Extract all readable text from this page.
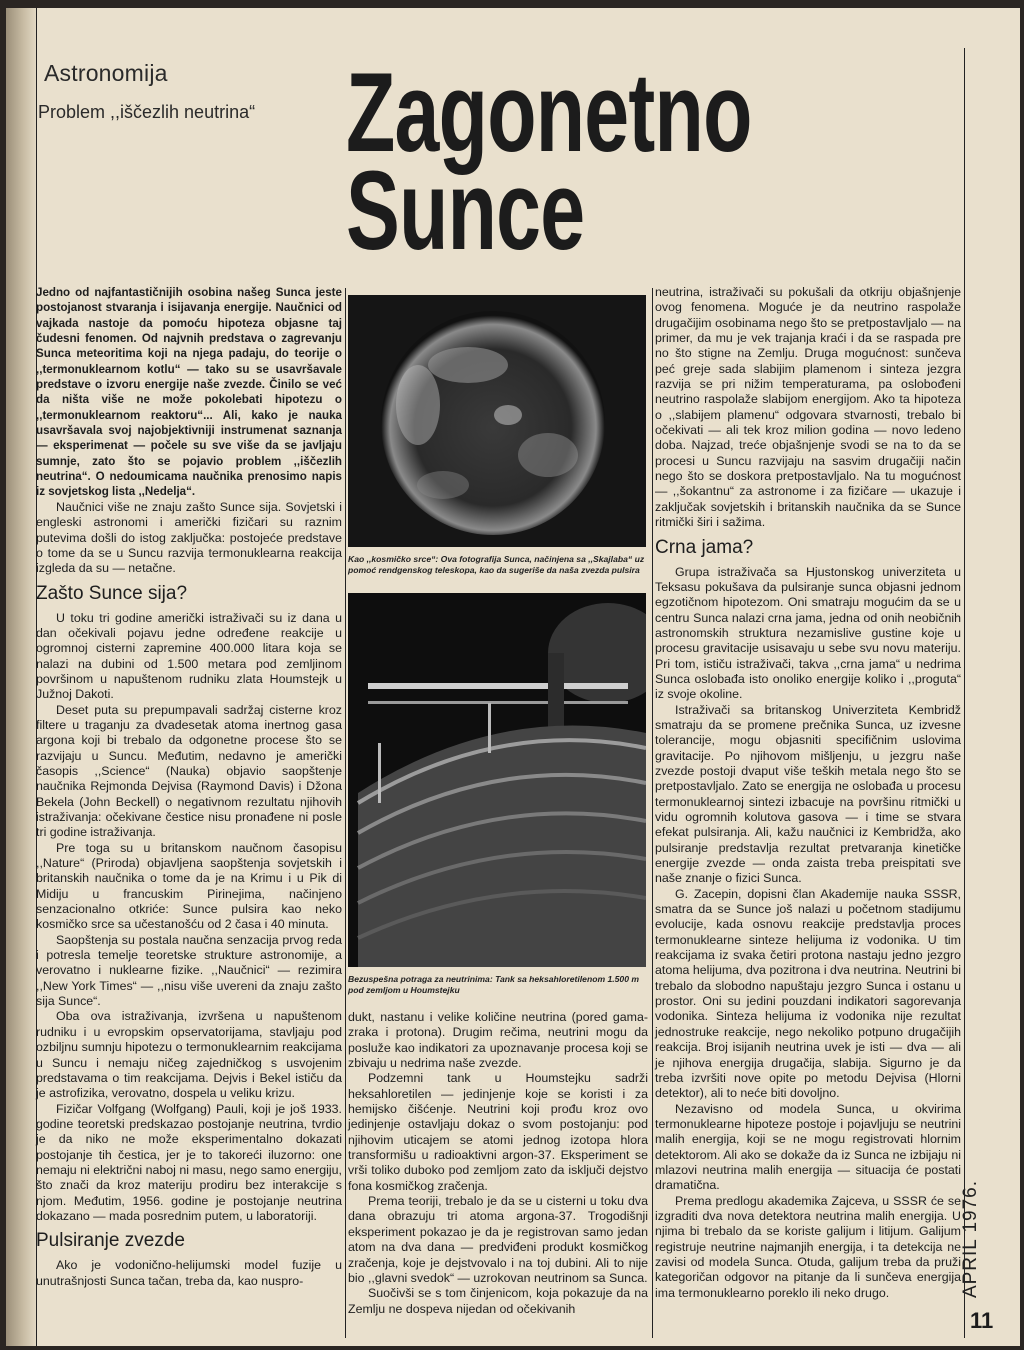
Astronomija
Problem ,,iščezlih neutrina“ Zagonetno
Sunce

Jedno od najfantastičnijih osobina našeg Sunca jeste postojanost stvaranja i isijavanja energije. Naučnici od vajkada nastoje da pomoću hipoteza objasne taj čudesni fenomen. Od najvnih predstava o zagrevanju Sunca meteoritima koji na njega padaju, do teorije o ,,termonuklearnom kotlu“ — tako su se usavršavale predstave o izvoru energije naše zvezde. Činilo se već da ništa više ne može pokolebati hipotezu o ,,termonuklearnom reaktoru“... Ali, kako je nauka usavršavala svoj najobjektivniji instrumenat saznanja — eksperimenat — počele su sve više da se javljaju sumnje, zato što se pojavio problem ,,iščezlih neutrina“. O nedoumicama naučnika prenosimo napis iz sovjetskog lista ,,Nedelja“.

Naučnici više ne znaju zašto Sunce sija. Sovjetski i engleski astronomi i američki fizičari su raznim putevima došli do istog zaključka: postojeće predstave o tome da se u Suncu razvija termonuklearna reakcija izgleda da su — netačne.

Zašto Sunce sija?

U toku tri godine američki istraživači su iz dana u dan očekivali pojavu jedne određene reakcije u ogromnoj cisterni zapremine 400.000 litara koja se nalazi na dubini od 1.500 metara pod zemljinom površinom u napuštenom rudniku zlata Houmstejk u Južnoj Dakoti.

Deset puta su prepumpavali sadržaj cisterne kroz filtere u traganju za dvadesetak atoma inertnog gasa argona koji bi trebalo da odgonetne procese što se razvijaju u Suncu. Međutim, nedavno je američki časopis ,,Science“ (Nauka) objavio saopštenje naučnika Rejmonda Dejvisa (Raymond Davis) i Džona Bekela (John Beckell) o negativnom rezultatu njihovih istraživanja: očekivane čestice nisu pronađene ni posle tri godine istraživanja.

Pre toga su u britanskom naučnom časopisu ,,Nature“ (Priroda) objavljena saopštenja sovjetskih i britanskih naučnika o tome da je na Krimu i u Pik di Midiju u francuskim Pirinejima, načinjeno senzacionalno otkriće: Sunce pulsira kao neko kosmičko srce sa učestanošću od 2 časa i 40 minuta.

Saopštenja su postala naučna senzacija prvog reda i potresla temelje teoretske strukture astronomije, a verovatno i nuklearne fizike. ,,Naučnici“ — rezimira ,,New York Times“ — ,,nisu više uvereni da znaju zašto sija Sunce“.

Oba ova istraživanja, izvršena u napuštenom rudniku i u evropskim opservatorijama, stavljaju pod ozbiljnu sumnju hipotezu o termonuklearnim reakcijama u Suncu i nemaju ničeg zajedničkog s usvojenim predstavama o tim reakcijama. Dejvis i Bekel ističu da je astrofizika, verovatno, dospela u veliku krizu.

Fizičar Volfgang (Wolfgang) Pauli, koji je još 1933. godine teoretski predskazao postojanje neutrina, tvrdio je da niko ne može eksperimentalno dokazati postojanje tih čestica, jer je to takoreći iluzorno: one nemaju ni električni naboj ni masu, nego samo energiju, što znači da kroz materiju prodiru bez interakcije s njom. Međutim, 1956. godine je postojanje neutrina dokazano — mada posrednim putem, u laboratoriji.

Pulsiranje zvezde

Ako je vodonično-helijumski model fuzije u unutrašnjosti Sunca tačan, treba da, kao nuspro-

Kao ,,kosmičko srce“: Ova fotografija Sunca, načinjena sa ,,Skajlaba“ uz pomoć rendgenskog teleskopa, kao da sugeriše da naša zvezda pulsira
Bezuspešna potraga za neutrinima: Tank sa heksahloretilenom 1.500 m pod zemljom u Houmstejku

dukt, nastanu i velike količine neutrina (pored gama-zraka i protona). Drugim rečima, neutrini mogu da posluže kao indikatori za upoznavanje procesa koji se zbivaju u nedrima naše zvezde.

Podzemni tank u Houmstejku sadrži heksahloretilen — jedinjenje koje se koristi i za hemijsko čišćenje. Neutrini koji prođu kroz ovo jedinjenje ostavljaju dokaz o svom postojanju: pod njihovim uticajem se atomi jednog izotopa hlora transformišu u radioaktivni argon-37. Eksperiment se vrši toliko duboko pod zemljom zato da isključi dejstvo fona kosmičkog zračenja.

Prema teoriji, trebalo je da se u cisterni u toku dva dana obrazuju tri atoma argona-37. Trogodišnji eksperiment pokazao je da je registrovan samo jedan atom na dva dana — predviđeni produkt kosmičkog zračenja, koje je dejstvovalo i na toj dubini. Ali to nije bio ,,glavni svedok“ — uzrokovan neutrinom sa Sunca.

Suočivši se s tom činjenicom, koja pokazuje da na Zemlju ne dospeva nijedan od očekivanih

neutrina, istraživači su pokušali da otkriju objašnjenje ovog fenomena. Moguće je da neutrino raspolaže drugačijim osobinama nego što se pretpostavljalo — na primer, da mu je vek trajanja kraći i da se raspada pre no što stigne na Zemlju. Druga mogućnost: sunčeva peć greje sada slabijim plamenom i sinteza jezgra razvija se pri nižim temperaturama, pa oslobođeni neutrino raspolaže slabijom energijom. Ako ta hipoteza o ,,slabijem plamenu“ odgovara stvarnosti, trebalo bi očekivati — ali tek kroz milion godina — novo ledeno doba. Najzad, treće objašnjenje svodi se na to da se procesi u Suncu razvijaju na sasvim drugačiji način nego što se doskora pretpostavljalo. Na tu mogućnost — ,,šokantnu“ za astronome i za fizičare — ukazuje i zaključak sovjetskih i britanskih naučnika da se Sunce ritmički širi i sažima.

Crna jama?

Grupa istraživača sa Hjustonskog univerziteta u Teksasu pokušava da pulsiranje sunca objasni jednom egzotičnom hipotezom. Oni smatraju mogućim da se u centru Sunca nalazi crna jama, jedna od onih neobičnih astronomskih struktura nezamislive gustine koje u procesu gravitacije usisavaju u sebe svu novu materiju. Pri tom, ističu istraživači, takva ,,crna jama“ u nedrima Sunca oslobađa isto onoliko energije koliko i ,,proguta“ iz svoje okoline.

Istraživači sa britanskog Univerziteta Kembridž smatraju da se promene prečnika Sunca, uz izvesne tolerancije, mogu objasniti specifičnim uslovima gravitacije. Po njihovom mišljenju, u jezgru naše zvezde postoji dvaput više teških metala nego što se pretpostavljalo. Zato se energija ne oslobađa u procesu termonuklearnoj sintezi izbacuje na površinu ritmički u vidu ogromnih kolutova gasova — i time se stvara efekat pulsiranja. Ali, kažu naučnici iz Kembridža, ako pulsiranje predstavlja rezultat pretvaranja kinetičke energije zvezde — onda zaista treba preispitati sve naše znanje o fizici Sunca.

G. Zacepin, dopisni član Akademije nauka SSSR, smatra da se Sunce još nalazi u početnom stadijumu evolucije, kada osnovu reakcije predstavlja proces termonuklearne sinteze helijuma iz vodonika. U tim reakcijama iz svaka četiri protona nastaju jedno jezgro atoma helijuma, dva pozitrona i dva neutrina. Neutrini bi trebalo da slobodno napuštaju jezgro Sunca i ostanu u prostor. Oni su jedini pouzdani indikatori sagorevanja vodonika. Sinteza helijuma iz vodonika nije rezultat jednostruke reakcije, nego nekoliko potpuno drugačijih reakcija. Broj isijanih neutrina uvek je isti — dva — ali je njihova energija drugačija, slabija. Sigurno je da treba izvršiti nove opite po metodu Dejvisa (Hlorni detektor), ali to neće biti dovoljno.

Nezavisno od modela Sunca, u okvirima termonuklearne hipoteze postoje i pojavljuju se neutrini malih energija, koji se ne mogu registrovati hlornim detektorom. Ali ako se dokaže da iz Sunca ne izbijaju ni mlazovi neutrina malih energija — situacija će postati dramatična.

Prema predlogu akademika Zajceva, u SSSR će se izgraditi dva nova detektora neutrina malih energija. U njima bi trebalo da se koriste galijum i litijum. Galijum registruje neutrine najmanjih energija, i ta detekcija ne zavisi od modela Sunca. Otuda, galijum treba da pruži kategoričan odgovor na pitanje da li sunčeva energija ima termonuklearno poreklo ili neko drugo.	APRIL 1976.
11
